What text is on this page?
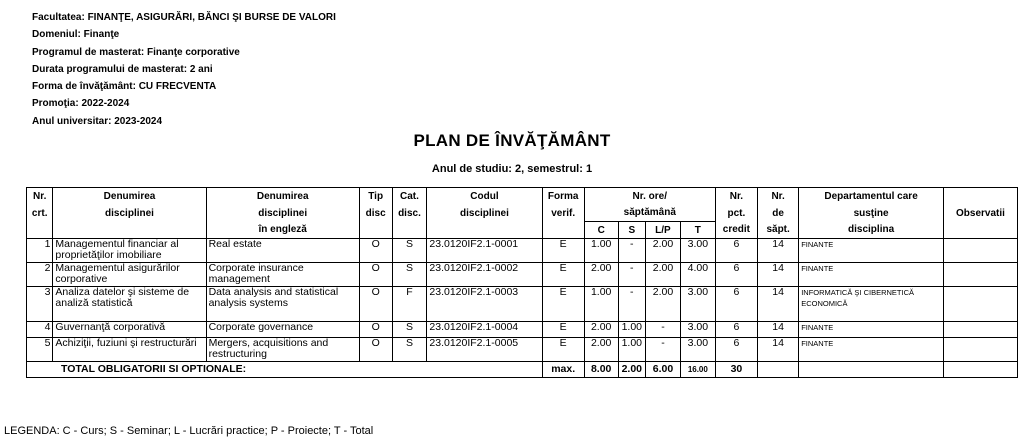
Facultatea: FINANŢE, ASIGURĂRI, BĂNCI ŞI BURSE DE VALORI
Domeniul: Finanţe
Programul de masterat: Finanţe corporative
Durata programului de masterat: 2 ani
Forma de învăţământ: CU FRECVENTA
Promoţia: 2022-2024
Anul universitar: 2023-2024
PLAN DE ÎNVĂŢĂMÂNT
Anul de studiu: 2, semestrul: 1
Nr.	Denumirea	Denumirea	Tip	Cat.	Codul	Forma	Nr. ore/				Nr.	Nr.	Departamentul care	
crt.	disciplinei	disciplinei	disc	disc.	disciplinei	verif.	săptămână				pct.	de	susţine	Observatii
		în engleză					C	S	L/P	T	credit	săpt.	disciplina	
1	Managementul financiar al proprietăţilor imobiliare	Real estate	O	S	23.0120IF2.1-0001	E	1.00	-	2.00	3.00	6	14	FINANTE	
2	Managementul asigurărilor corporative	Corporate insurance management	O	S	23.0120IF2.1-0002	E	2.00	-	2.00	4.00	6	14	FINANTE	
3	Analiza datelor şi sisteme de analiză statistică	Data analysis and statistical analysis systems	O	F	23.0120IF2.1-0003	E	1.00	-	2.00	3.00	6	14	INFORMATICĂ ŞI CIBERNETICĂ ECONOMICĂ	
4	Guvernanţă corporativă	Corporate governance	O	S	23.0120IF2.1-0004	E	2.00	1.00	-	3.00	6	14	FINANTE	
5	Achiziţii, fuziuni şi restructurări	Mergers, acquisitions and restructuring	O	S	23.0120IF2.1-0005	E	2.00	1.00	-	3.00	6	14	FINANTE	
TOTAL OBLIGATORII SI OPTIONALE:						max.	8.00	2.00	6.00	16.00	30			
LEGENDA: C - Curs; S - Seminar; L - Lucrări practice; P - Proiecte; T - Total
